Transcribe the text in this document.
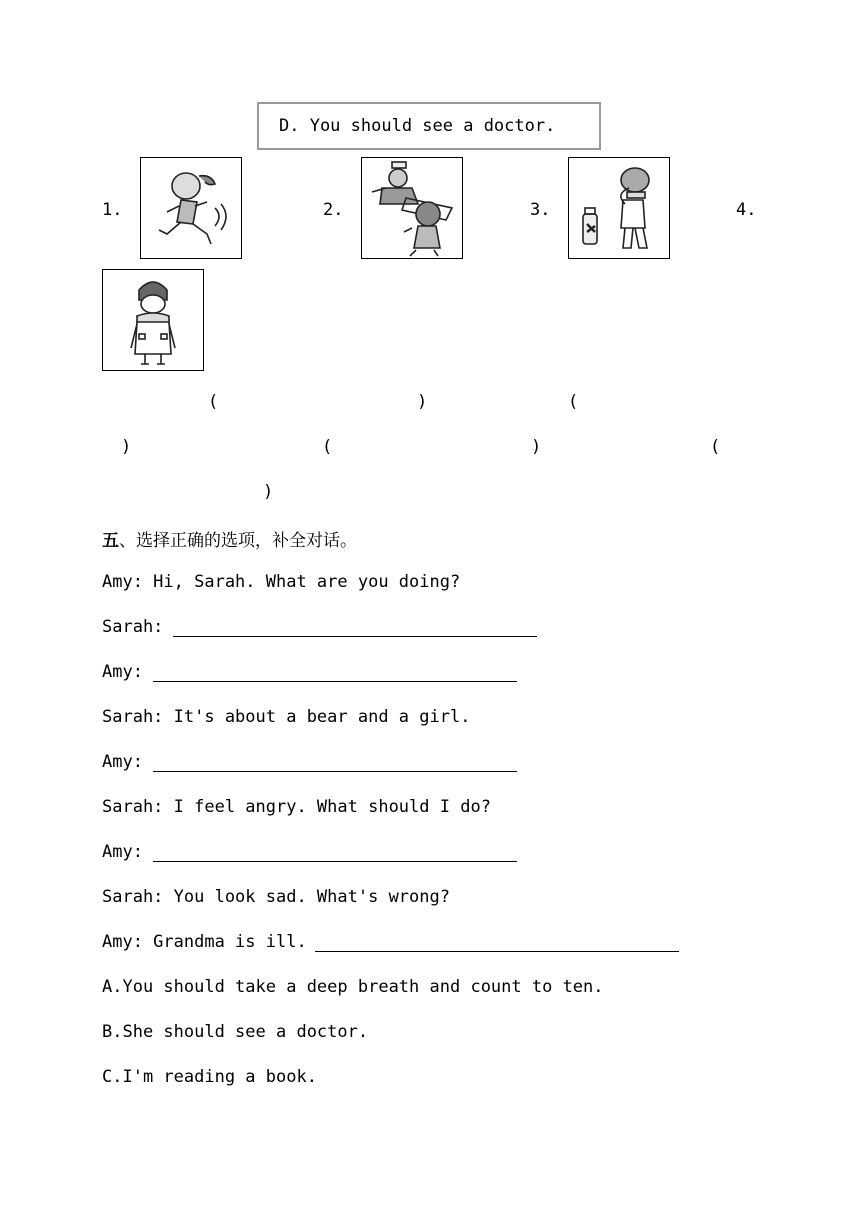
D. You should see a doctor.
1.	2.	3.	4.
(	)	(
)	(	)	(
)
五、选择正确的选项，补全对话。
Amy: Hi, Sarah. What are you doing?
Sarah:
Amy:
Sarah: It's about a bear and a girl.
Amy:
Sarah: I feel angry. What should I do?
Amy:
Sarah: You look sad. What's wrong?
Amy: Grandma is ill.
A.You should take a deep breath and count to ten.
B.She should see a doctor.
C.I'm reading a book.
